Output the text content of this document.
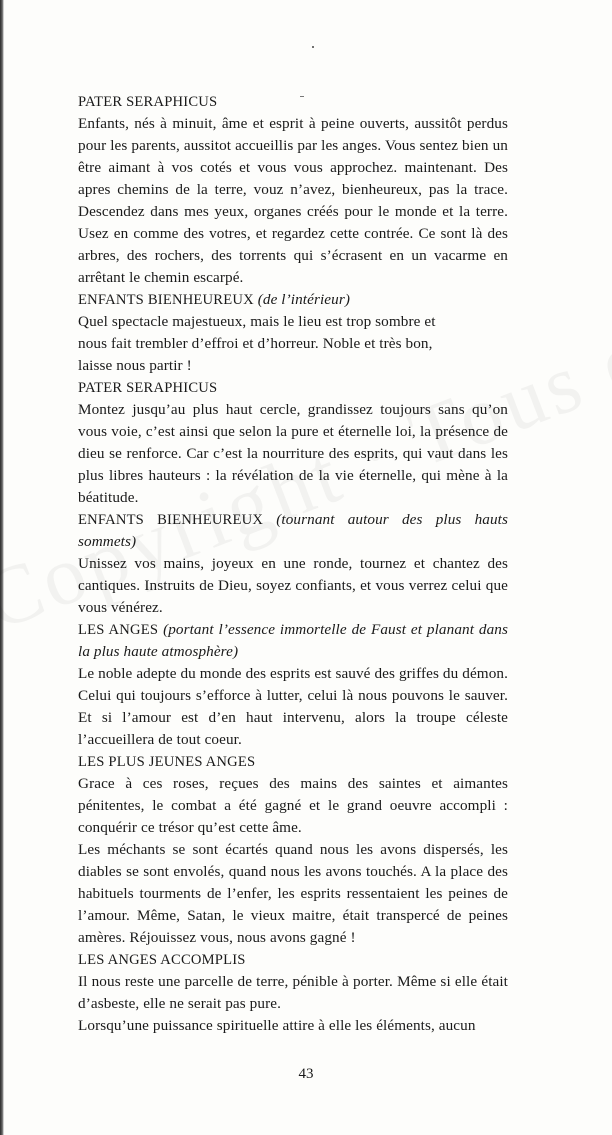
PATER SERAPHICUS

Enfants, nés à minuit, âme et esprit à peine ouverts, aussitôt perdus pour les parents, aussitot accueillis par les anges. Vous sentez bien un être aimant à vos cotés et vous vous approchez. maintenant. Des apres chemins de la terre, vouz n’avez, bienheureux, pas la trace. Descendez dans mes yeux, organes créés pour le monde et la terre. Usez en comme des votres, et regardez cette contrée. Ce sont là des arbres, des rochers, des torrents qui s’écrasent en un vacarme en arrêtant le chemin escarpé.

ENFANTS BIENHEUREUX (de l’intérieur)

Quel spectacle majestueux, mais le lieu est trop sombre et nous fait trembler d’effroi et d’horreur. Noble et très bon, laisse nous partir !

PATER SERAPHICUS

Montez jusqu’au plus haut cercle, grandissez toujours sans qu’on vous voie, c’est ainsi que selon la pure et éternelle loi, la présence de dieu se renforce. Car c’est la nourriture des esprits, qui vaut dans les plus libres hauteurs : la révélation de la vie éternelle, qui mène à la béatitude.

ENFANTS BIENHEUREUX (tournant autour des plus hauts sommets)

Unissez vos mains, joyeux en une ronde, tournez et chantez des cantiques. Instruits de Dieu, soyez confiants, et vous verrez celui que vous vénérez.

LES ANGES (portant l’essence immortelle de Faust et planant dans la plus haute atmosphère)

Le noble adepte du monde des esprits est sauvé des griffes du démon. Celui qui toujours s’efforce à lutter, celui là nous pouvons le sauver. Et si l’amour est d’en haut intervenu, alors la troupe céleste l’accueillera de tout coeur.

LES PLUS JEUNES ANGES

Grace à ces roses, reçues des mains des saintes et aimantes pénitentes, le combat a été gagné et le grand oeuvre accompli : conquérir ce trésor qu’est cette âme.

Les méchants se sont écartés quand nous les avons dispersés, les diables se sont envolés, quand nous les avons touchés. A la place des habituels tourments de l’enfer, les esprits ressentaient les peines de l’amour. Même, Satan, le vieux maitre, était transpercé de peines amères. Réjouissez vous, nous avons gagné !

LES ANGES ACCOMPLIS

Il nous reste une parcelle de terre, pénible à porter. Même si elle était d’asbeste, elle ne serait pas pure.

Lorsqu’une puissance spirituelle attire à elle les éléments, aucun

43
